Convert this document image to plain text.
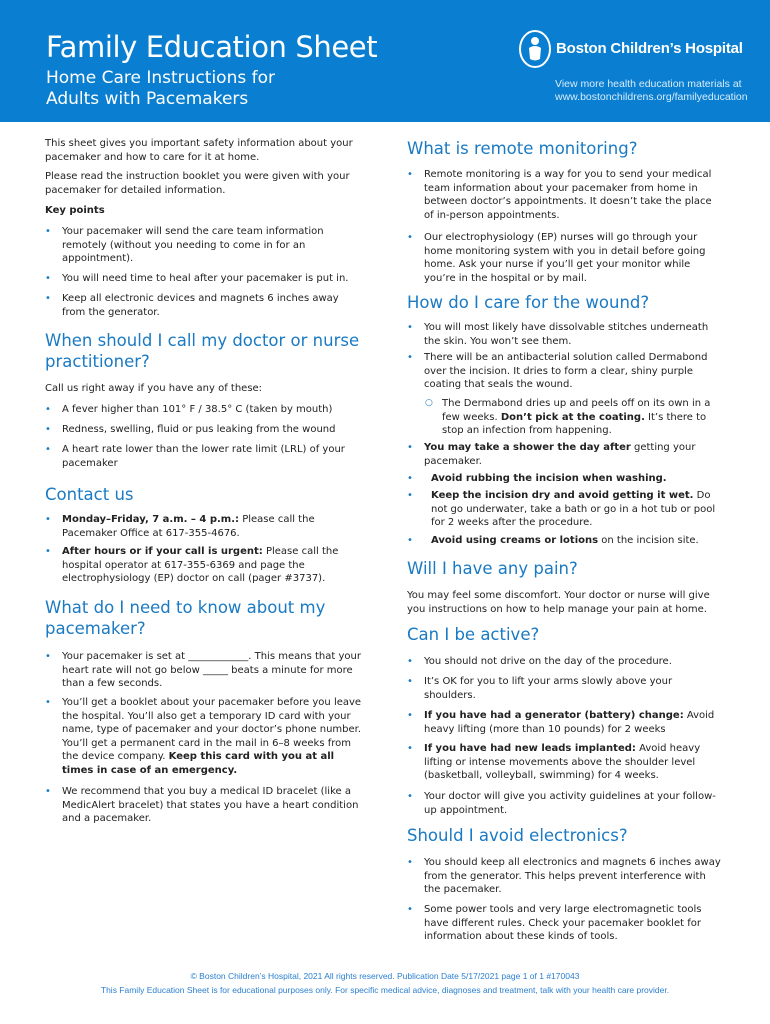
Family Education Sheet
Home Care Instructions for
Adults with Pacemakers
Boston Children’s Hospital
View more health education materials at
www.bostonchildrens.org/familyeducation

This sheet gives you important safety information about your pacemaker and how to care for it at home.

Please read the instruction booklet you were given with your pacemaker for detailed information.

Key points

• Your pacemaker will send the care team information remotely (without you needing to come in for an appointment).
• You will need time to heal after your pacemaker is put in.
• Keep all electronic devices and magnets 6 inches away from the generator.

When should I call my doctor or nurse practitioner?

Call us right away if you have any of these:

• A fever higher than 101° F / 38.5° C (taken by mouth)
• Redness, swelling, fluid or pus leaking from the wound
• A heart rate lower than the lower rate limit (LRL) of your pacemaker

Contact us

• Monday–Friday, 7 a.m. – 4 p.m.: Please call the Pacemaker Office at 617-355-4676.
• After hours or if your call is urgent: Please call the hospital operator at 617-355-6369 and page the electrophysiology (EP) doctor on call (pager #3737).

What do I need to know about my pacemaker?

• Your pacemaker is set at ____________. This means that your heart rate will not go below _____ beats a minute for more than a few seconds.
• You’ll get a booklet about your pacemaker before you leave the hospital. You’ll also get a temporary ID card with your name, type of pacemaker and your doctor’s phone number. You’ll get a permanent card in the mail in 6–8 weeks from the device company. Keep this card with you at all times in case of an emergency.
• We recommend that you buy a medical ID bracelet (like a MedicAlert bracelet) that states you have a heart condition and a pacemaker.

What is remote monitoring?

• Remote monitoring is a way for you to send your medical team information about your pacemaker from home in between doctor’s appointments. It doesn’t take the place of in-person appointments.
• Our electrophysiology (EP) nurses will go through your home monitoring system with you in detail before going home. Ask your nurse if you’ll get your monitor while you’re in the hospital or by mail.

How do I care for the wound?

• You will most likely have dissolvable stitches underneath the skin. You won’t see them.
• There will be an antibacterial solution called Dermabond over the incision. It dries to form a clear, shiny purple coating that seals the wound.
○ The Dermabond dries up and peels off on its own in a few weeks. Don’t pick at the coating. It’s there to stop an infection from happening.
• You may take a shower the day after getting your pacemaker.
• Avoid rubbing the incision when washing.
• Keep the incision dry and avoid getting it wet. Do not go underwater, take a bath or go in a hot tub or pool for 2 weeks after the procedure.
• Avoid using creams or lotions on the incision site.

Will I have any pain?

You may feel some discomfort. Your doctor or nurse will give you instructions on how to help manage your pain at home.

Can I be active?

• You should not drive on the day of the procedure.
• It’s OK for you to lift your arms slowly above your shoulders.
• If you have had a generator (battery) change: Avoid heavy lifting (more than 10 pounds) for 2 weeks
• If you have had new leads implanted: Avoid heavy lifting or intense movements above the shoulder level (basketball, volleyball, swimming) for 4 weeks.
• Your doctor will give you activity guidelines at your follow-up appointment.

Should I avoid electronics?

• You should keep all electronics and magnets 6 inches away from the generator. This helps prevent interference with the pacemaker.
• Some power tools and very large electromagnetic tools have different rules. Check your pacemaker booklet for information about these kinds of tools.
© Boston Children’s Hospital, 2021 All rights reserved. Publication Date 5/17/2021 page 1 of 1 #170043
This Family Education Sheet is for educational purposes only. For specific medical advice, diagnoses and treatment, talk with your health care provider.
